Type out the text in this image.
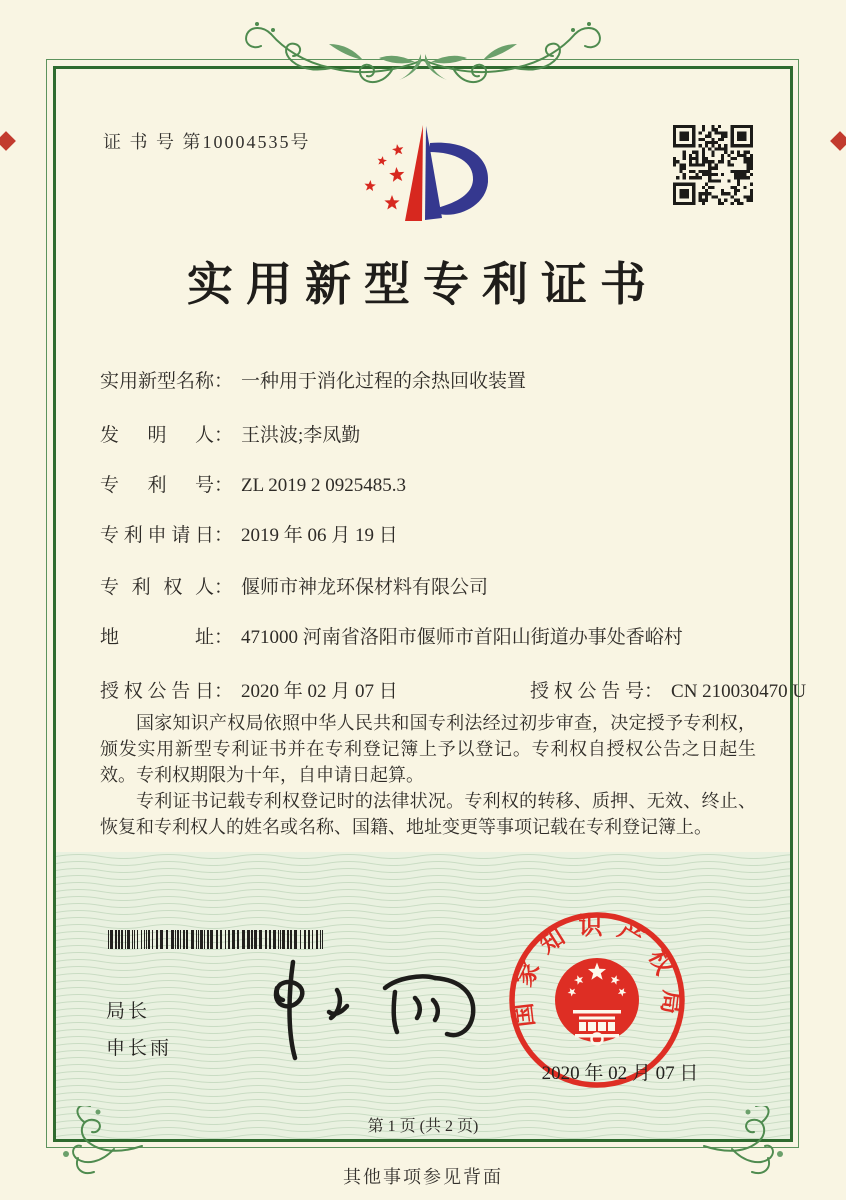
证 书 号 第10004535号
实用新型专利证书
实用新型名称： 一种用于消化过程的余热回收装置
发明人： 王洪波;李凤勤
专利号： ZL 2019 2 0925485.3
专利申请日： 2019 年 06 月 19 日
专利权人： 偃师市神龙环保材料有限公司
地址： 471000 河南省洛阳市偃师市首阳山街道办事处香峪村
授权公告日： 2020 年 02 月 07 日	授权公告号： CN 210030470 U

国家知识产权局依照中华人民共和国专利法经过初步审查，决定授予专利权，颁发实用新型专利证书并在专利登记簿上予以登记。专利权自授权公告之日起生效。专利权期限为十年，自申请日起算。

专利证书记载专利权登记时的法律状况。专利权的转移、质押、无效、终止、恢复和专利权人的姓名或名称、国籍、地址变更等事项记载在专利登记簿上。

局长
申长雨
国家知识产权局
2020 年 02 月 07 日
第 1 页 (共 2 页)
其他事项参见背面
